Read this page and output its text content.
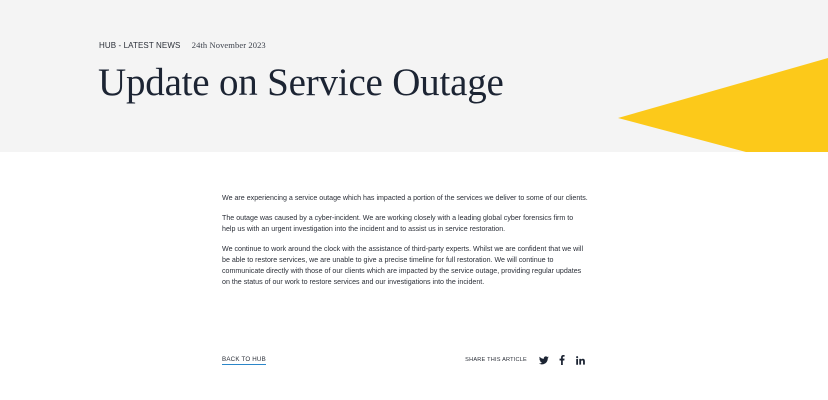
HUB - LATEST NEWS 24th November 2023
Update on Service Outage

We are experiencing a service outage which has impacted a portion of the services we deliver to some of our clients.

The outage was caused by a cyber-incident. We are working closely with a leading global cyber forensics firm to help us with an urgent investigation into the incident and to assist us in service restoration.

We continue to work around the clock with the assistance of third-party experts. Whilst we are confident that we will be able to restore services, we are unable to give a precise timeline for full restoration. We will continue to communicate directly with those of our clients which are impacted by the service outage, providing regular updates on the status of our work to restore services and our investigations into the incident.

BACK TO HUB	SHARE THIS ARTICLE
